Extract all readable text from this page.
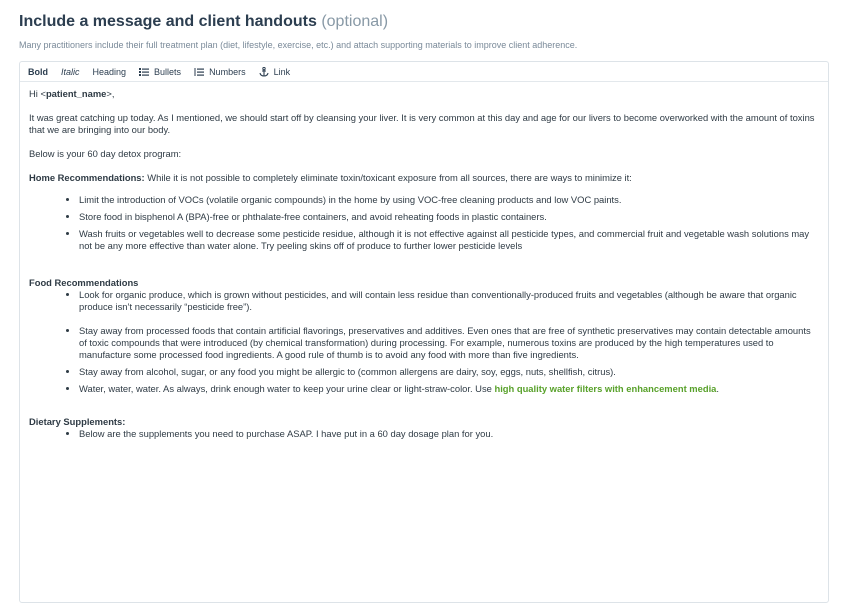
Include a message and client handouts (optional)
Many practitioners include their full treatment plan (diet, lifestyle, exercise, etc.) and attach supporting materials to improve client adherence.
Bold Italic Heading	Bullets	Numbers	Link

Hi <patient_name>,

It was great catching up today. As I mentioned, we should start off by cleansing your liver. It is very common at this day and age for our livers to become overworked with the amount of toxins that we are bringing into our body.

Below is your 60 day detox program:

Home Recommendations: While it is not possible to completely eliminate toxin/toxicant exposure from all sources, there are ways to minimize it:

• Limit the introduction of VOCs (volatile organic compounds) in the home by using VOC-free cleaning products and low VOC paints.
• Store food in bisphenol A (BPA)-free or phthalate-free containers, and avoid reheating foods in plastic containers.
• Wash fruits or vegetables well to decrease some pesticide residue, although it is not effective against all pesticide types, and commercial fruit and vegetable wash solutions may not be any more effective than water alone. Try peeling skins off of produce to further lower pesticide levels

Food Recommendations

• Look for organic produce, which is grown without pesticides, and will contain less residue than conventionally-produced fruits and vegetables (although be aware that organic produce isn’t necessarily “pesticide free”).
• Stay away from processed foods that contain artificial flavorings, preservatives and additives. Even ones that are free of synthetic preservatives may contain detectable amounts of toxic compounds that were introduced (by chemical transformation) during processing. For example, numerous toxins are produced by the high temperatures used to manufacture some processed food ingredients. A good rule of thumb is to avoid any food with more than five ingredients.
• Stay away from alcohol, sugar, or any food you might be allergic to (common allergens are dairy, soy, eggs, nuts, shellfish, citrus).
• Water, water, water. As always, drink enough water to keep your urine clear or light-straw-color. Use high quality water filters with enhancement media.

Dietary Supplements:

• Below are the supplements you need to purchase ASAP. I have put in a 60 day dosage plan for you.
